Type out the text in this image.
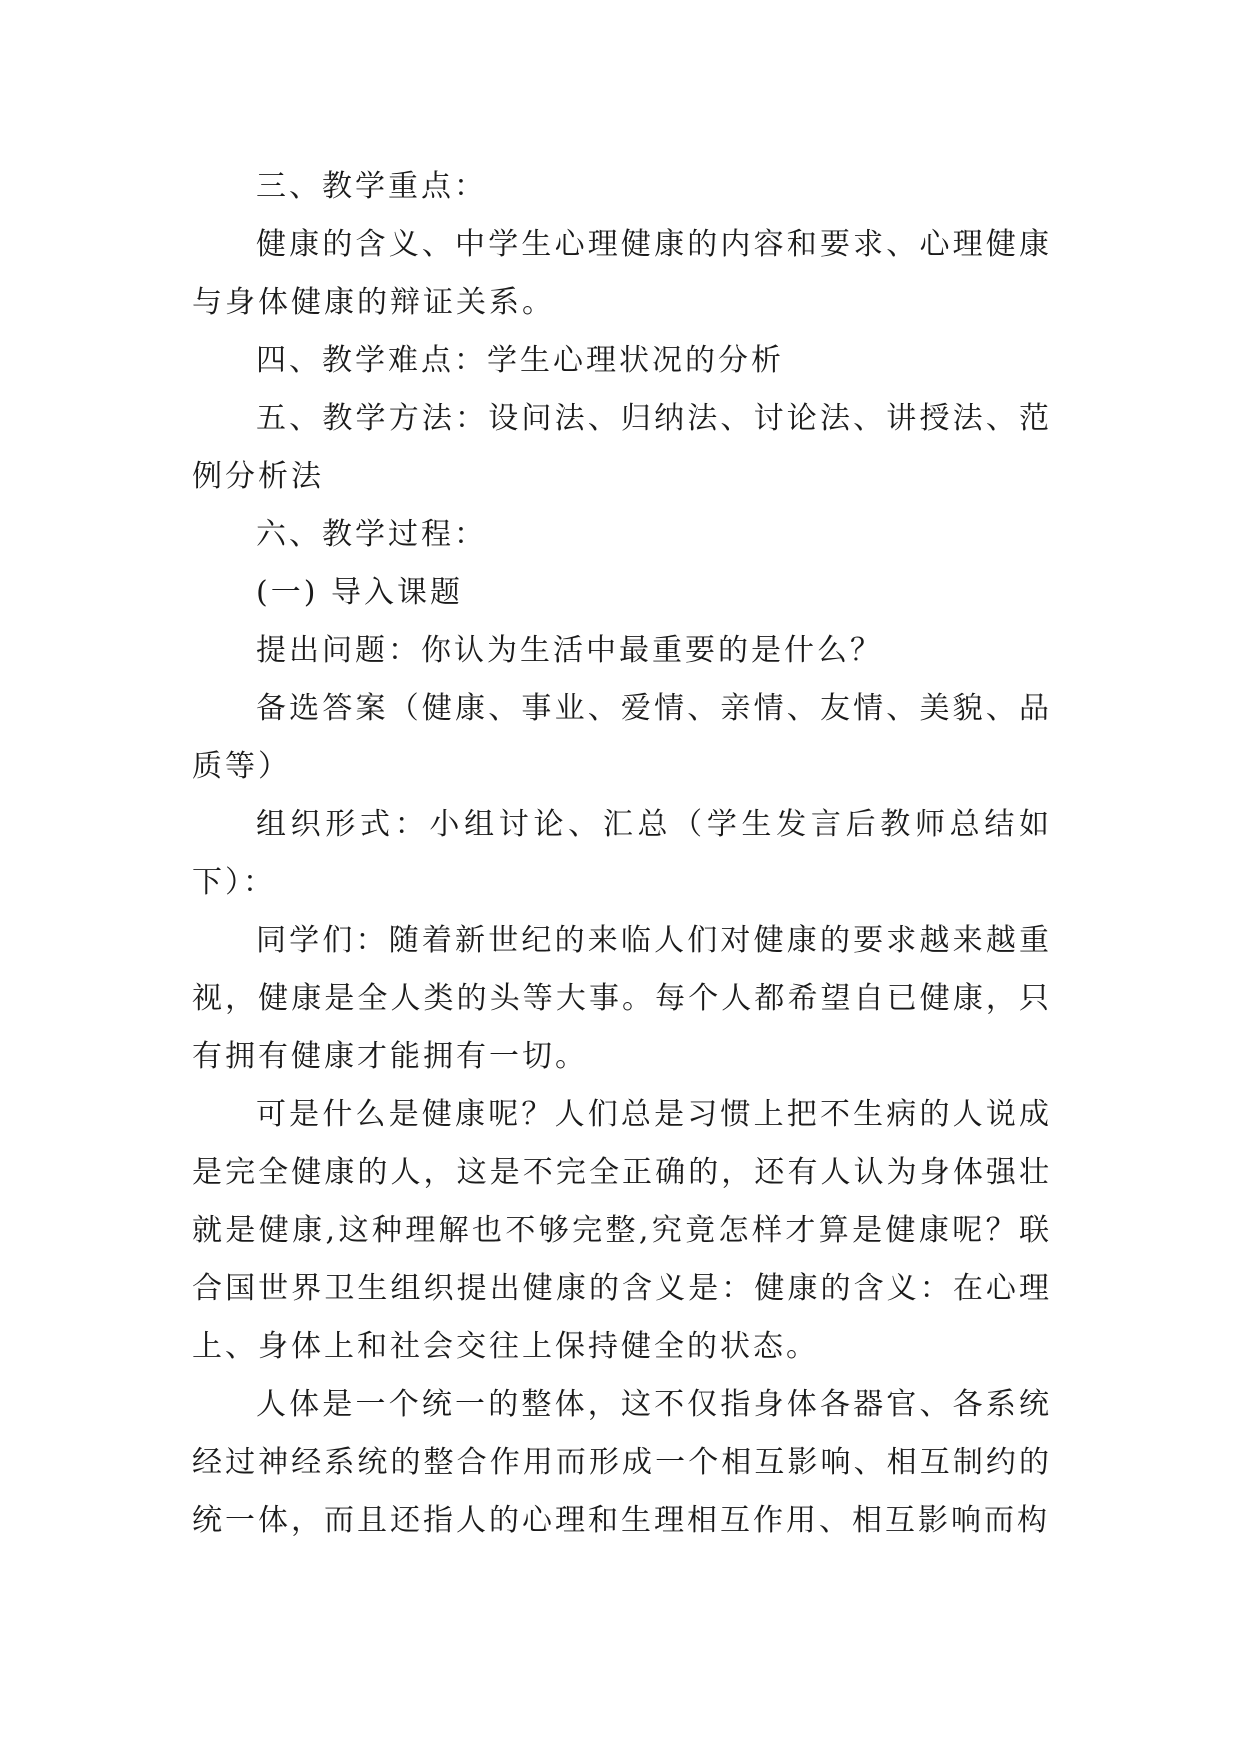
三、教学重点：

健康的含义、中学生心理健康的内容和要求、心理健康与身体健康的辩证关系。

四、教学难点：学生心理状况的分析

五、教学方法：设问法、归纳法、讨论法、讲授法、范例分析法

六、教学过程：

(一) 导入课题

提出问题：你认为生活中最重要的是什么？

备选答案（健康、事业、爱情、亲情、友情、美貌、品质等）

组织形式：小组讨论、汇总（学生发言后教师总结如下）：

同学们：随着新世纪的来临人们对健康的要求越来越重视，健康是全人类的头等大事。每个人都希望自已健康，只有拥有健康才能拥有一切。

可是什么是健康呢？人们总是习惯上把不生病的人说成是完全健康的人，这是不完全正确的，还有人认为身体强壮就是健康,这种理解也不够完整,究竟怎样才算是健康呢？联合国世界卫生组织提出健康的含义是：健康的含义：在心理上、身体上和社会交往上保持健全的状态。

人体是一个统一的整体，这不仅指身体各器官、各系统经过神经系统的整合作用而形成一个相互影响、相互制约的统一体，而且还指人的心理和生理相互作用、相互影响而构
